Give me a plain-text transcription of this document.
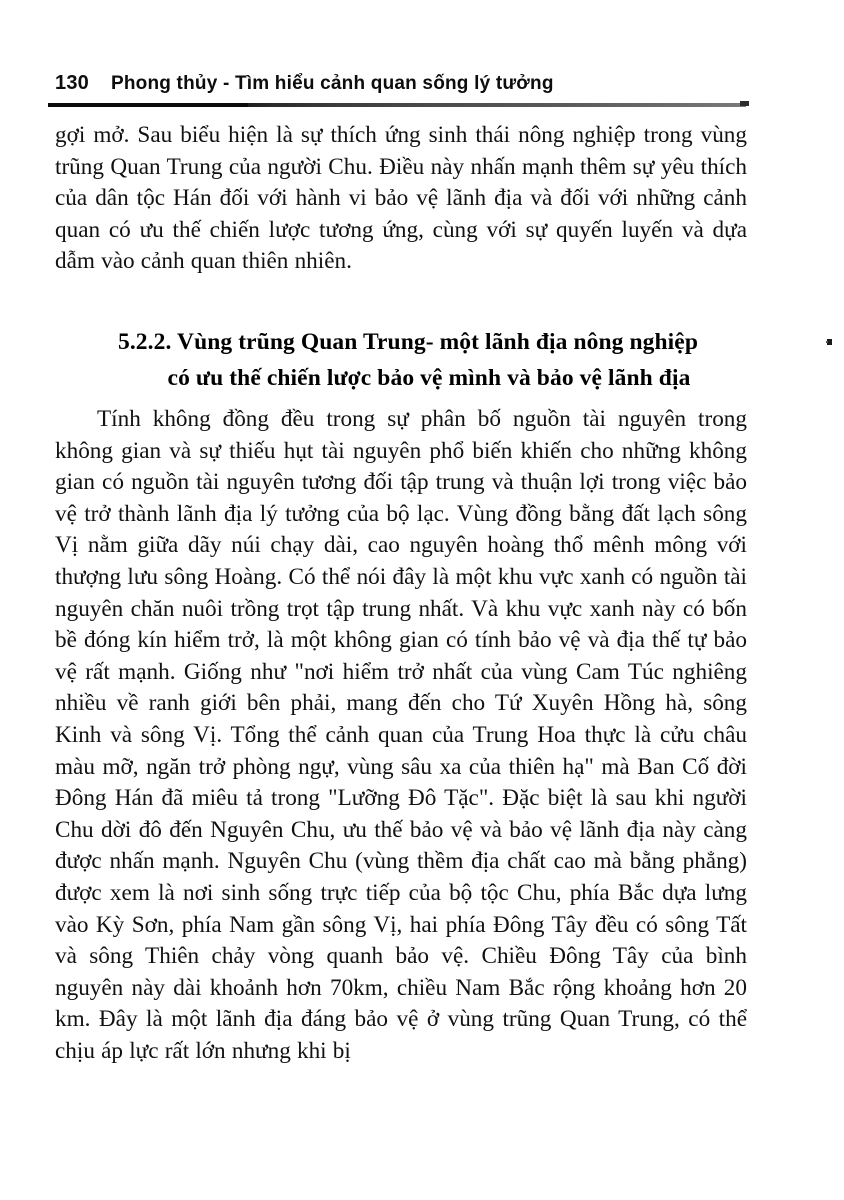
130 Phong thủy - Tìm hiểu cảnh quan sống lý tưởng

gợi mở. Sau biểu hiện là sự thích ứng sinh thái nông nghiệp trong vùng trũng Quan Trung của người Chu. Điều này nhấn mạnh thêm sự yêu thích của dân tộc Hán đối với hành vi bảo vệ lãnh địa và đối với những cảnh quan có ưu thế chiến lược tương ứng, cùng với sự quyến luyến và dựa dẫm vào cảnh quan thiên nhiên.

5.2.2. Vùng trũng Quan Trung- một lãnh địa nông nghiệp
có ưu thế chiến lược bảo vệ mình và bảo vệ lãnh địa

Tính không đồng đều trong sự phân bố nguồn tài nguyên trong không gian và sự thiếu hụt tài nguyên phổ biến khiến cho những không gian có nguồn tài nguyên tương đối tập trung và thuận lợi trong việc bảo vệ trở thành lãnh địa lý tưởng của bộ lạc. Vùng đồng bằng đất lạch sông Vị nằm giữa dãy núi chạy dài, cao nguyên hoàng thổ mênh mông với thượng lưu sông Hoàng. Có thể nói đây là một khu vực xanh có nguồn tài nguyên chăn nuôi trồng trọt tập trung nhất. Và khu vực xanh này có bốn bề đóng kín hiểm trở, là một không gian có tính bảo vệ và địa thế tự bảo vệ rất mạnh. Giống như "nơi hiểm trở nhất của vùng Cam Túc nghiêng nhiều về ranh giới bên phải, mang đến cho Tứ Xuyên Hồng hà, sông Kinh và sông Vị. Tổng thể cảnh quan của Trung Hoa thực là cửu châu màu mỡ, ngăn trở phòng ngự, vùng sâu xa của thiên hạ" mà Ban Cố đời Đông Hán đã miêu tả trong "Lưỡng Đô Tặc". Đặc biệt là sau khi người Chu dời đô đến Nguyên Chu, ưu thế bảo vệ và bảo vệ lãnh địa này càng được nhấn mạnh. Nguyên Chu (vùng thềm địa chất cao mà bằng phẳng) được xem là nơi sinh sống trực tiếp của bộ tộc Chu, phía Bắc dựa lưng vào Kỳ Sơn, phía Nam gần sông Vị, hai phía Đông Tây đều có sông Tất và sông Thiên chảy vòng quanh bảo vệ. Chiều Đông Tây của bình nguyên này dài khoảnh hơn 70km, chiều Nam Bắc rộng khoảng hơn 20 km. Đây là một lãnh địa đáng bảo vệ ở vùng trũng Quan Trung, có thể chịu áp lực rất lớn nhưng khi bị
